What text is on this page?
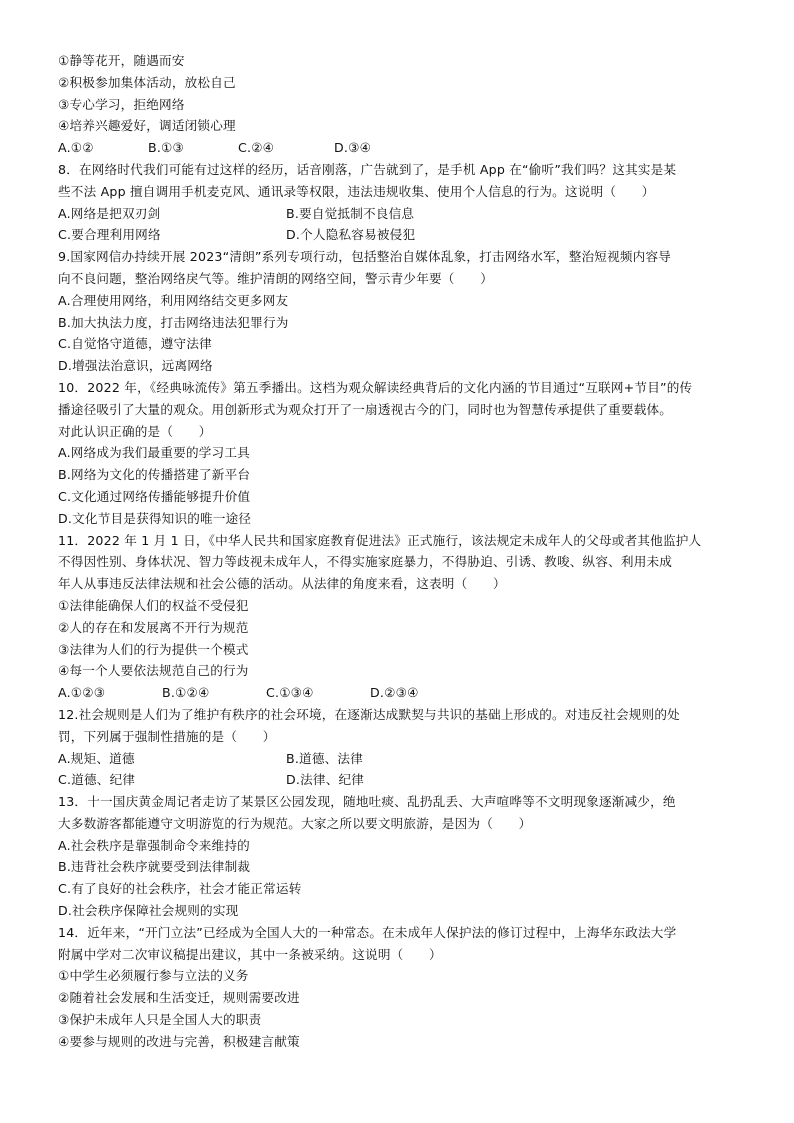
①静等花开，随遇而安
②积极参加集体活动，放松自己
③专心学习，拒绝网络
④培养兴趣爱好，调适闭锁心理
A.①②	B.①③	C.②④	D.③④
8．在网络时代我们可能有过这样的经历，话音刚落，广告就到了，是手机 App 在“偷听”我们吗？这其实是某
些不法 App 擅自调用手机麦克风、通讯录等权限，违法违规收集、使用个人信息的行为。这说明（　　）
A.网络是把双刃剑	B.要自觉抵制不良信息
C.要合理利用网络	D.个人隐私容易被侵犯
9.国家网信办持续开展 2023“清朗”系列专项行动，包括整治自媒体乱象，打击网络水军，整治短视频内容导
向不良问题，整治网络戾气等。维护清朗的网络空间，警示青少年要（　　）
A.合理使用网络，利用网络结交更多网友
B.加大执法力度，打击网络违法犯罪行为
C.自觉恪守道德，遵守法律
D.增强法治意识，远离网络
10．2022 年，《经典咏流传》第五季播出。这档为观众解读经典背后的文化内涵的节目通过“互联网+节目”的传
播途径吸引了大量的观众。用创新形式为观众打开了一扇透视古今的门，同时也为智慧传承提供了重要载体。
对此认识正确的是（　　）
A.网络成为我们最重要的学习工具
B.网络为文化的传播搭建了新平台
C.文化通过网络传播能够提升价值
D.文化节目是获得知识的唯一途径
11．2022 年 1 月 1 日，《中华人民共和国家庭教育促进法》正式施行，该法规定未成年人的父母或者其他监护人
不得因性别、身体状况、智力等歧视未成年人，不得实施家庭暴力，不得胁迫、引诱、教唆、纵容、利用未成
年人从事违反法律法规和社会公德的活动。从法律的角度来看，这表明（　　）
①法律能确保人们的权益不受侵犯
②人的存在和发展离不开行为规范
③法律为人们的行为提供一个模式
④每一个人要依法规范自己的行为
A.①②③	B.①②④	C.①③④	D.②③④
12.社会规则是人们为了维护有秩序的社会环境，在逐渐达成默契与共识的基础上形成的。对违反社会规则的处
罚，下列属于强制性措施的是（　　）
A.规矩、道德	B.道德、法律
C.道德、纪律	D.法律、纪律
13．十一国庆黄金周记者走访了某景区公园发现，随地吐痰、乱扔乱丢、大声喧哗等不文明现象逐渐减少，绝
大多数游客都能遵守文明游览的行为规范。大家之所以要文明旅游，是因为（　　）
A.社会秩序是靠强制命令来维持的
B.违背社会秩序就要受到法律制裁
C.有了良好的社会秩序，社会才能正常运转
D.社会秩序保障社会规则的实现
14．近年来，“开门立法”已经成为全国人大的一种常态。在未成年人保护法的修订过程中，上海华东政法大学
附属中学对二次审议稿提出建议，其中一条被采纳。这说明（　　）
①中学生必须履行参与立法的义务
②随着社会发展和生活变迁，规则需要改进
③保护未成年人只是全国人大的职责
④要参与规则的改进与完善，积极建言献策
